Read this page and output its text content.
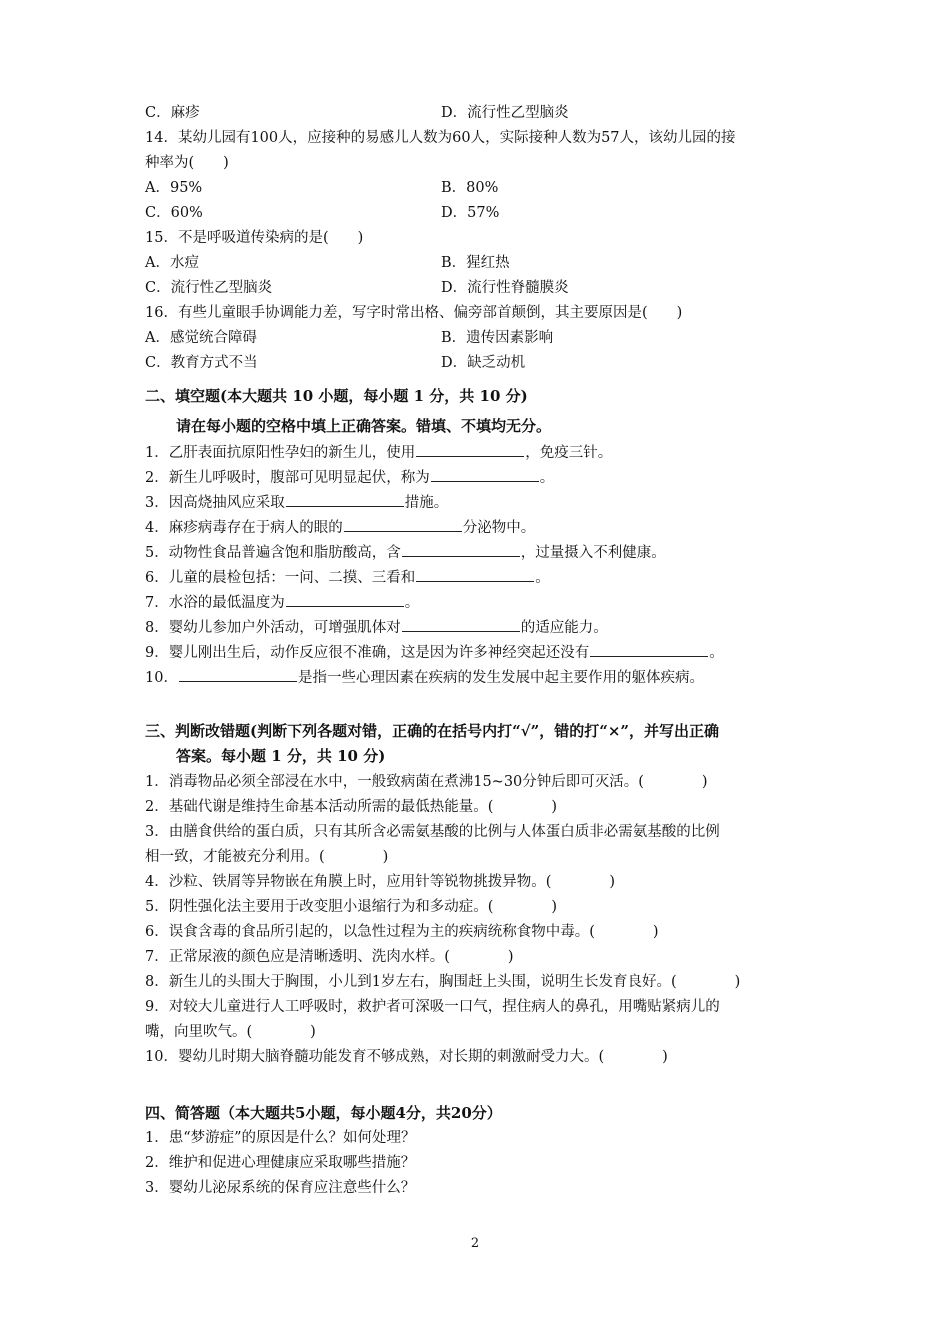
C．麻疹	D．流行性乙型脑炎
14．某幼儿园有100人，应接种的易感儿人数为60人，实际接种人数为57人，该幼儿园的接
种率为(　　)
A．95%	B．80%
C．60%	D．57%
15．不是呼吸道传染病的是(　　)
A．水痘	B．猩红热
C．流行性乙型脑炎	D．流行性脊髓膜炎
16．有些儿童眼手协调能力差，写字时常出格、偏旁部首颠倒，其主要原因是(　　)
A．感觉统合障碍	B．遗传因素影响
C．教育方式不当	D．缺乏动机
二、填空题(本大题共 10 小题，每小题 1 分，共 10 分)
请在每小题的空格中填上正确答案。错填、不填均无分。
1．乙肝表面抗原阳性孕妇的新生儿，使用	，免疫三针。
2．新生儿呼吸时，腹部可见明显起伏，称为	。
3．因高烧抽风应采取	措施。
4．麻疹病毒存在于病人的眼的	分泌物中。
5．动物性食品普遍含饱和脂肪酸高，含	，过量摄入不利健康。
6．儿童的晨检包括：一问、二摸、三看和	。
7．水浴的最低温度为	。
8．婴幼儿参加户外活动，可增强肌体对	的适应能力。
9．婴儿刚出生后，动作反应很不准确，这是因为许多神经突起还没有	。
10．	是指一些心理因素在疾病的发生发展中起主要作用的躯体疾病。
三、判断改错题(判断下列各题对错，正确的在括号内打“√”，错的打“×”，并写出正确
答案。每小题 1 分，共 10 分)
1．消毒物品必须全部浸在水中，一般致病菌在煮沸15~30分钟后即可灭活。(　　　　)
2．基础代谢是维持生命基本活动所需的最低热能量。(　　　　)
3．由膳食供给的蛋白质，只有其所含必需氨基酸的比例与人体蛋白质非必需氨基酸的比例
相一致，才能被充分利用。(　　　　)
4．沙粒、铁屑等异物嵌在角膜上时，应用针等锐物挑拨异物。(　　　　)
5．阴性强化法主要用于改变胆小退缩行为和多动症。(　　　　)
6．误食含毒的食品所引起的，以急性过程为主的疾病统称食物中毒。(　　　　)
7．正常尿液的颜色应是清晰透明、洗肉水样。(　　　　)
8．新生儿的头围大于胸围，小儿到1岁左右，胸围赶上头围，说明生长发育良好。(　　　　)
9．对较大儿童进行人工呼吸时，救护者可深吸一口气，捏住病人的鼻孔，用嘴贴紧病儿的
嘴，向里吹气。(　　　　)
10．婴幼儿时期大脑脊髓功能发育不够成熟，对长期的刺激耐受力大。(　　　　)
四、简答题（本大题共5小题，每小题4分，共20分）
1．患“梦游症”的原因是什么？如何处理？
2．维护和促进心理健康应采取哪些措施？
3．婴幼儿泌尿系统的保育应注意些什么？
2
